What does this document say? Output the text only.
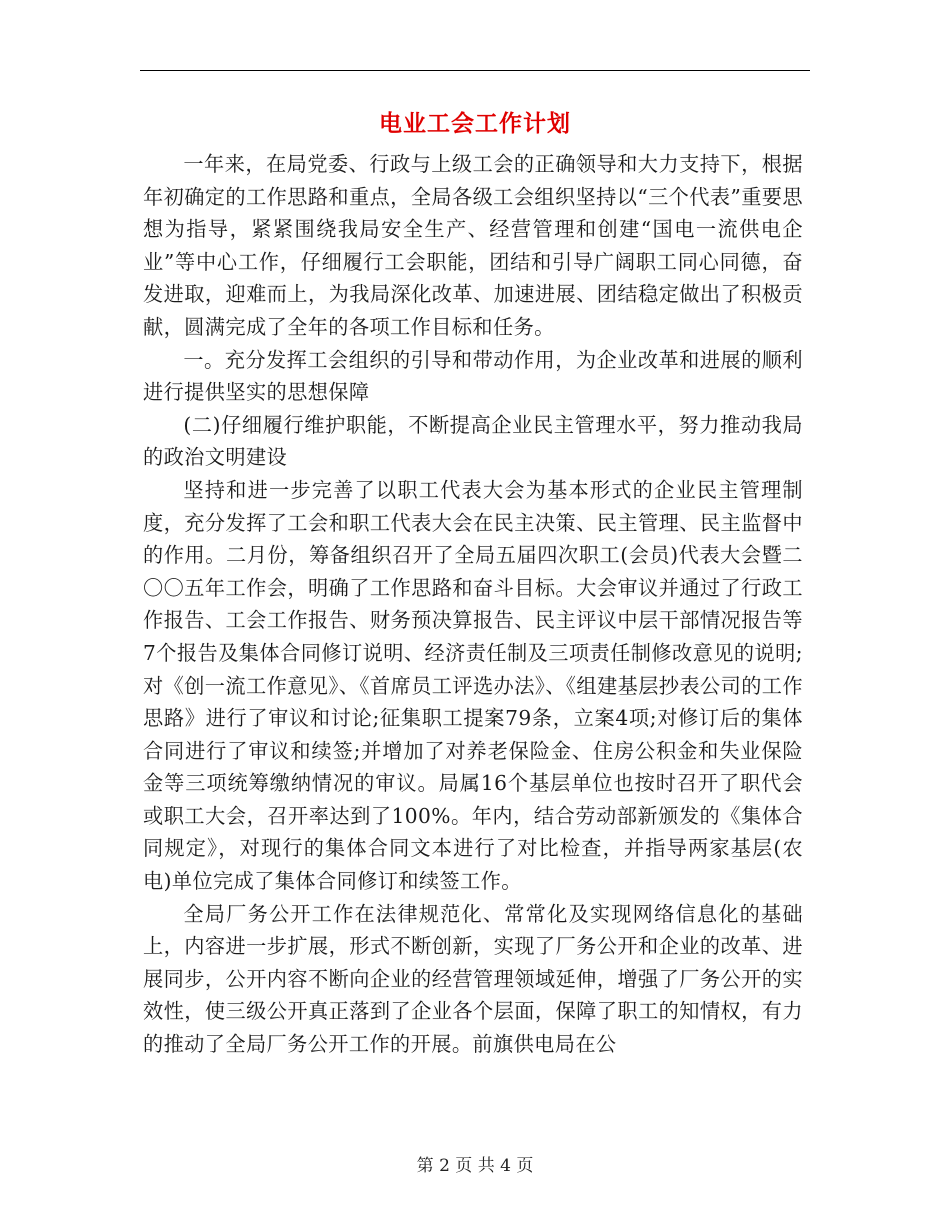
电业工会工作计划

一年来，在局党委、行政与上级工会的正确领导和大力支持下，根据年初确定的工作思路和重点，全局各级工会组织坚持以“三个代表”重要思想为指导，紧紧围绕我局安全生产、经营管理和创建“国电一流供电企业”等中心工作，仔细履行工会职能，团结和引导广阔职工同心同德，奋发进取，迎难而上，为我局深化改革、加速进展、团结稳定做出了积极贡献，圆满完成了全年的各项工作目标和任务。

一。充分发挥工会组织的引导和带动作用，为企业改革和进展的顺利进行提供坚实的思想保障

(二)仔细履行维护职能，不断提高企业民主管理水平，努力推动我局的政治文明建设

坚持和进一步完善了以职工代表大会为基本形式的企业民主管理制度，充分发挥了工会和职工代表大会在民主决策、民主管理、民主监督中的作用。二月份，筹备组织召开了全局五届四次职工(会员)代表大会暨二〇〇五年工作会，明确了工作思路和奋斗目标。大会审议并通过了行政工作报告、工会工作报告、财务预决算报告、民主评议中层干部情况报告等7个报告及集体合同修订说明、经济责任制及三项责任制修改意见的说明;对《创一流工作意见》、《首席员工评选办法》、《组建基层抄表公司的工作思路》进行了审议和讨论;征集职工提案79条，立案4项;对修订后的集体合同进行了审议和续签;并增加了对养老保险金、住房公积金和失业保险金等三项统筹缴纳情况的审议。局属16个基层单位也按时召开了职代会或职工大会，召开率达到了100%。年内，结合劳动部新颁发的《集体合同规定》，对现行的集体合同文本进行了对比检查，并指导两家基层(农电)单位完成了集体合同修订和续签工作。

全局厂务公开工作在法律规范化、常常化及实现网络信息化的基础上，内容进一步扩展，形式不断创新，实现了厂务公开和企业的改革、进展同步，公开内容不断向企业的经营管理领域延伸，增强了厂务公开的实效性，使三级公开真正落到了企业各个层面，保障了职工的知情权，有力的推动了全局厂务公开工作的开展。前旗供电局在公

第 2 页 共 4 页
